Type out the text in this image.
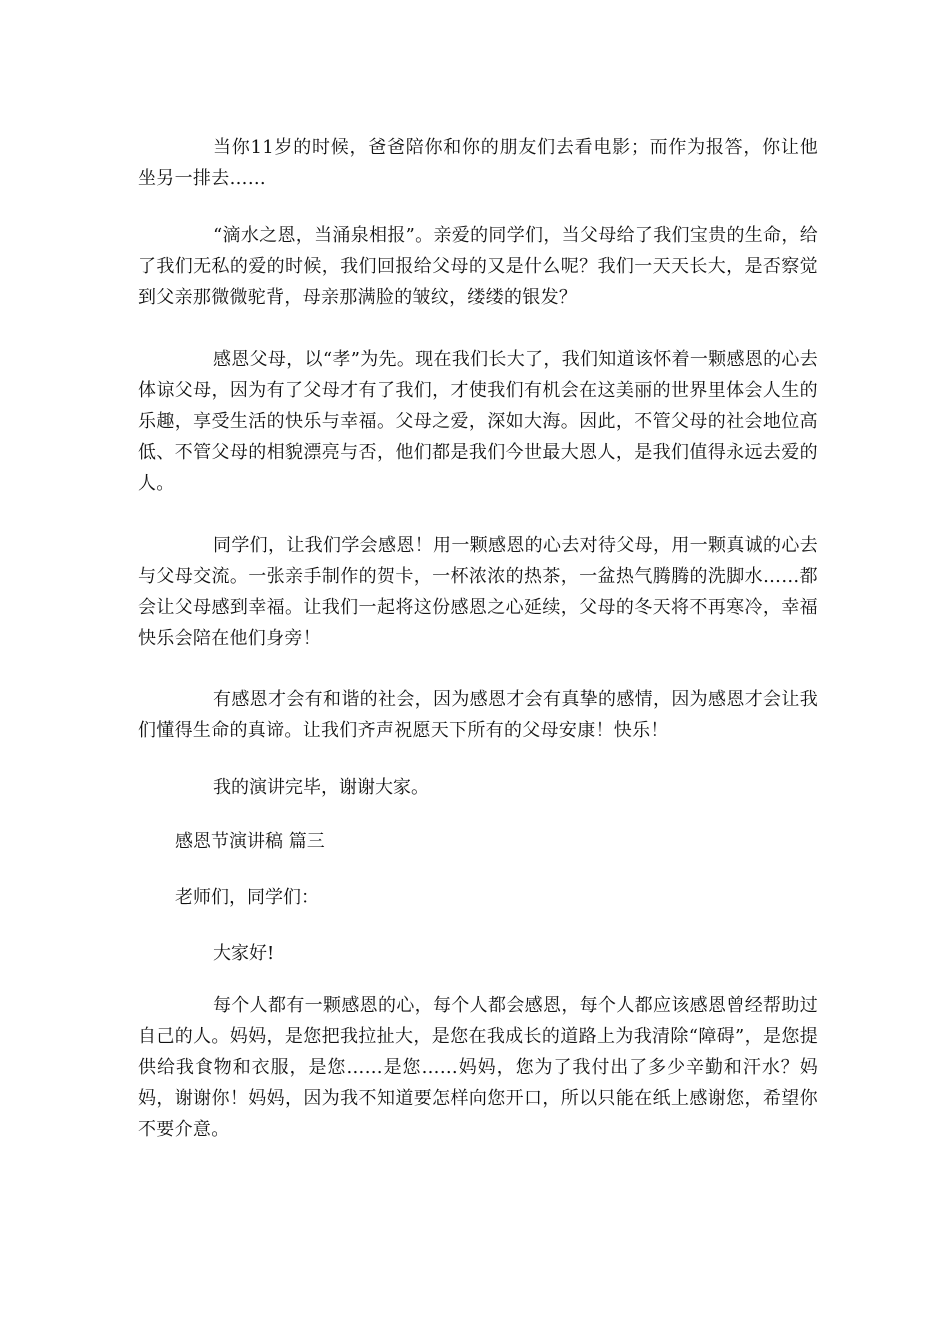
当你11岁的时候，爸爸陪你和你的朋友们去看电影；而作为报答，你让他坐另一排去……

“滴水之恩，当涌泉相报”。亲爱的同学们，当父母给了我们宝贵的生命，给了我们无私的爱的时候，我们回报给父母的又是什么呢？我们一天天长大，是否察觉到父亲那微微驼背，母亲那满脸的皱纹，缕缕的银发？

感恩父母，以“孝”为先。现在我们长大了，我们知道该怀着一颗感恩的心去体谅父母，因为有了父母才有了我们，才使我们有机会在这美丽的世界里体会人生的乐趣，享受生活的快乐与幸福。父母之爱，深如大海。因此，不管父母的社会地位高低、不管父母的相貌漂亮与否，他们都是我们今世最大恩人，是我们值得永远去爱的人。

同学们，让我们学会感恩！用一颗感恩的心去对待父母，用一颗真诚的心去与父母交流。一张亲手制作的贺卡，一杯浓浓的热茶，一盆热气腾腾的洗脚水……都会让父母感到幸福。让我们一起将这份感恩之心延续，父母的冬天将不再寒冷，幸福快乐会陪在他们身旁！

有感恩才会有和谐的社会，因为感恩才会有真挚的感情，因为感恩才会让我们懂得生命的真谛。让我们齐声祝愿天下所有的父母安康！快乐！

我的演讲完毕，谢谢大家。

感恩节演讲稿 篇三

老师们，同学们：

大家好!

每个人都有一颗感恩的心，每个人都会感恩，每个人都应该感恩曾经帮助过自己的人。妈妈，是您把我拉扯大，是您在我成长的道路上为我清除“障碍”，是您提供给我食物和衣服，是您……是您……妈妈，您为了我付出了多少辛勤和汗水？妈妈，谢谢你！妈妈，因为我不知道要怎样向您开口，所以只能在纸上感谢您，希望你不要介意。
